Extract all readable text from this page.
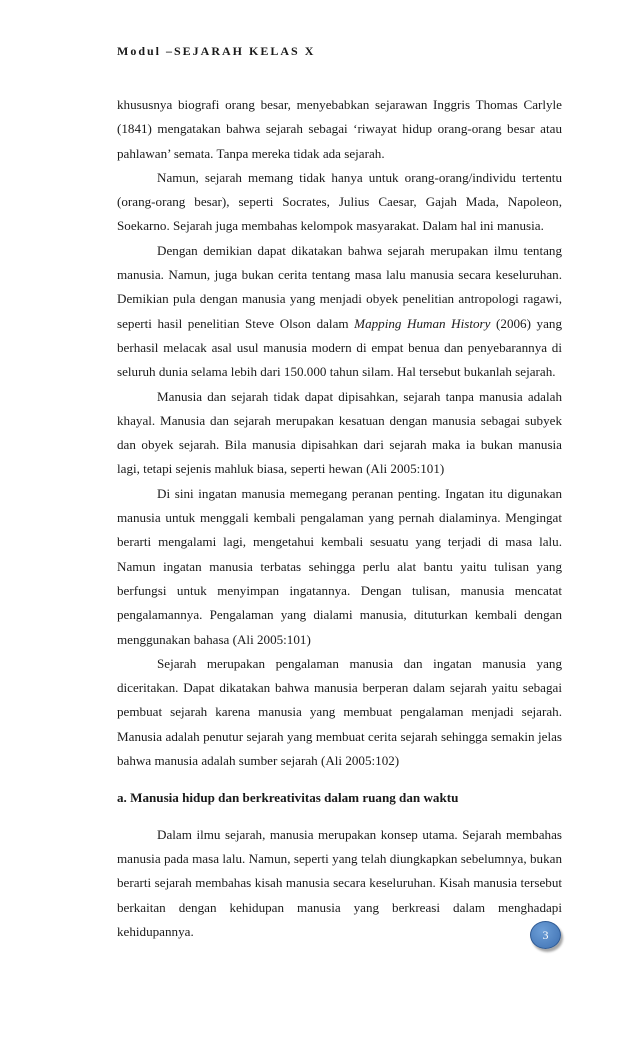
Modul –SEJARAH KELAS X

khususnya biografi orang besar, menyebabkan sejarawan Inggris Thomas Carlyle (1841) mengatakan bahwa sejarah sebagai ‘riwayat hidup orang-orang besar atau pahlawan’ semata. Tanpa mereka tidak ada sejarah.

Namun, sejarah memang tidak hanya untuk orang-orang/individu tertentu (orang-orang besar), seperti Socrates, Julius Caesar, Gajah Mada, Napoleon, Soekarno. Sejarah juga membahas kelompok masyarakat. Dalam hal ini manusia.

Dengan demikian dapat dikatakan bahwa sejarah merupakan ilmu tentang manusia. Namun, juga bukan cerita tentang masa lalu manusia secara keseluruhan. Demikian pula dengan manusia yang menjadi obyek penelitian antropologi ragawi, seperti hasil penelitian Steve Olson dalam Mapping Human History (2006) yang berhasil melacak asal usul manusia modern di empat benua dan penyebarannya di seluruh dunia selama lebih dari 150.000 tahun silam. Hal tersebut bukanlah sejarah.

Manusia dan sejarah tidak dapat dipisahkan, sejarah tanpa manusia adalah khayal. Manusia dan sejarah merupakan kesatuan dengan manusia sebagai subyek dan obyek sejarah. Bila manusia dipisahkan dari sejarah maka ia bukan manusia lagi, tetapi sejenis mahluk biasa, seperti hewan (Ali 2005:101)

Di sini ingatan manusia memegang peranan penting. Ingatan itu digunakan manusia untuk menggali kembali pengalaman yang pernah dialaminya. Mengingat berarti mengalami lagi, mengetahui kembali sesuatu yang terjadi di masa lalu. Namun ingatan manusia terbatas sehingga perlu alat bantu yaitu tulisan yang berfungsi untuk menyimpan ingatannya. Dengan tulisan, manusia mencatat pengalamannya. Pengalaman yang dialami manusia, dituturkan kembali dengan menggunakan bahasa (Ali 2005:101)

Sejarah merupakan pengalaman manusia dan ingatan manusia yang diceritakan. Dapat dikatakan bahwa manusia berperan dalam sejarah yaitu sebagai pembuat sejarah karena manusia yang membuat pengalaman menjadi sejarah. Manusia adalah penutur sejarah yang membuat cerita sejarah sehingga semakin jelas bahwa manusia adalah sumber sejarah (Ali 2005:102)

a. Manusia hidup dan berkreativitas dalam ruang dan waktu

Dalam ilmu sejarah, manusia merupakan konsep utama. Sejarah membahas manusia pada masa lalu. Namun, seperti yang telah diungkapkan sebelumnya, bukan berarti sejarah membahas kisah manusia secara keseluruhan. Kisah manusia tersebut berkaitan dengan kehidupan manusia yang berkreasi dalam menghadapi kehidupannya.	3
